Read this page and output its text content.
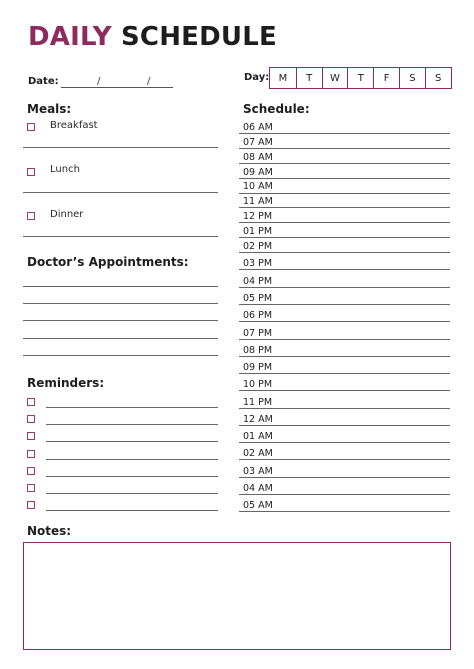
DAILY SCHEDULE
Date:	/	/	Day: M	T	W	T	F	S	S
Meals:
Breakfast
Lunch
Dinner
Doctor’s Appointments:
Reminders:
Schedule:
06 AM
07 AM
08 AM
09 AM
10 AM
11 AM
12 PM
01 PM
02 PM
03 PM
04 PM
05 PM
06 PM
07 PM
08 PM
09 PM
10 PM
11 PM
12 AM
01 AM
02 AM
03 AM
04 AM
05 AM
Notes:
